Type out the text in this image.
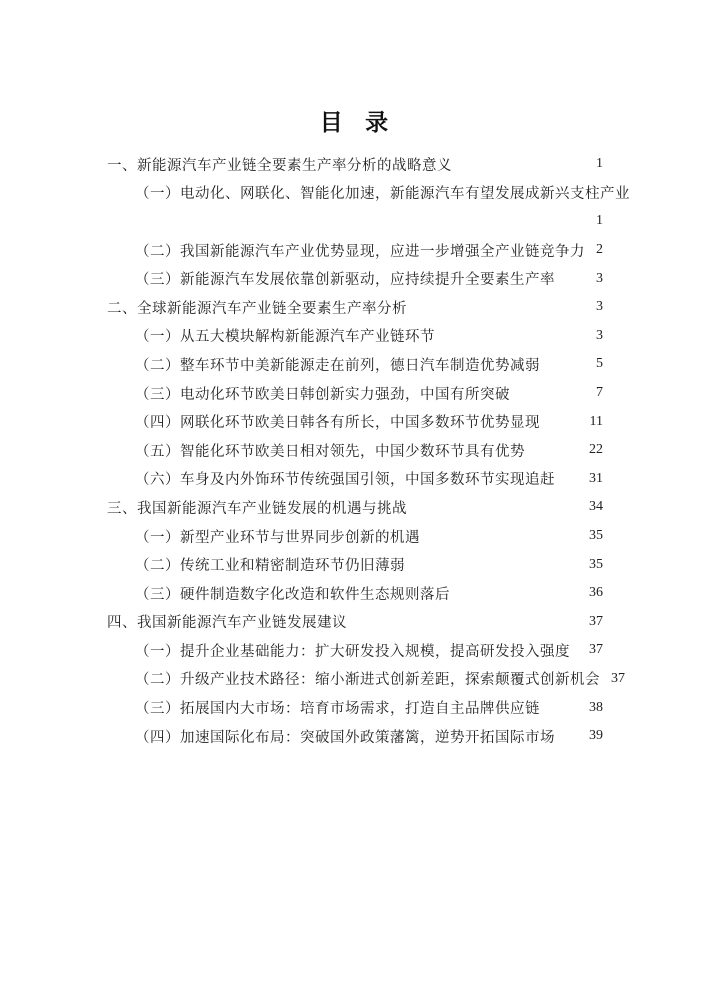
目 录
一、新能源汽车产业链全要素生产率分析的战略意义	1
（一）电动化、网联化、智能化加速，新能源汽车有望发展成新兴支柱产业
1
（二）我国新能源汽车产业优势显现，应进一步增强全产业链竞争力 2
（三）新能源汽车发展依靠创新驱动，应持续提升全要素生产率	3
二、全球新能源汽车产业链全要素生产率分析	3
（一）从五大模块解构新能源汽车产业链环节	3
（二）整车环节中美新能源走在前列，德日汽车制造优势减弱	5
（三）电动化环节欧美日韩创新实力强劲，中国有所突破	7
（四）网联化环节欧美日韩各有所长，中国多数环节优势显现	11
（五）智能化环节欧美日相对领先，中国少数环节具有优势	22
（六）车身及内外饰环节传统强国引领，中国多数环节实现追赶 31
三、我国新能源汽车产业链发展的机遇与挑战	34
（一）新型产业环节与世界同步创新的机遇	35
（二）传统工业和精密制造环节仍旧薄弱	35
（三）硬件制造数字化改造和软件生态规则落后	36
四、我国新能源汽车产业链发展建议	37
（一）提升企业基础能力：扩大研发投入规模，提高研发投入强度 37
（二）升级产业技术路径：缩小渐进式创新差距，探索颠覆式创新机会 37
（三）拓展国内大市场：培育市场需求，打造自主品牌供应链	38
（四）加速国际化布局：突破国外政策藩篱，逆势开拓国际市场 39
